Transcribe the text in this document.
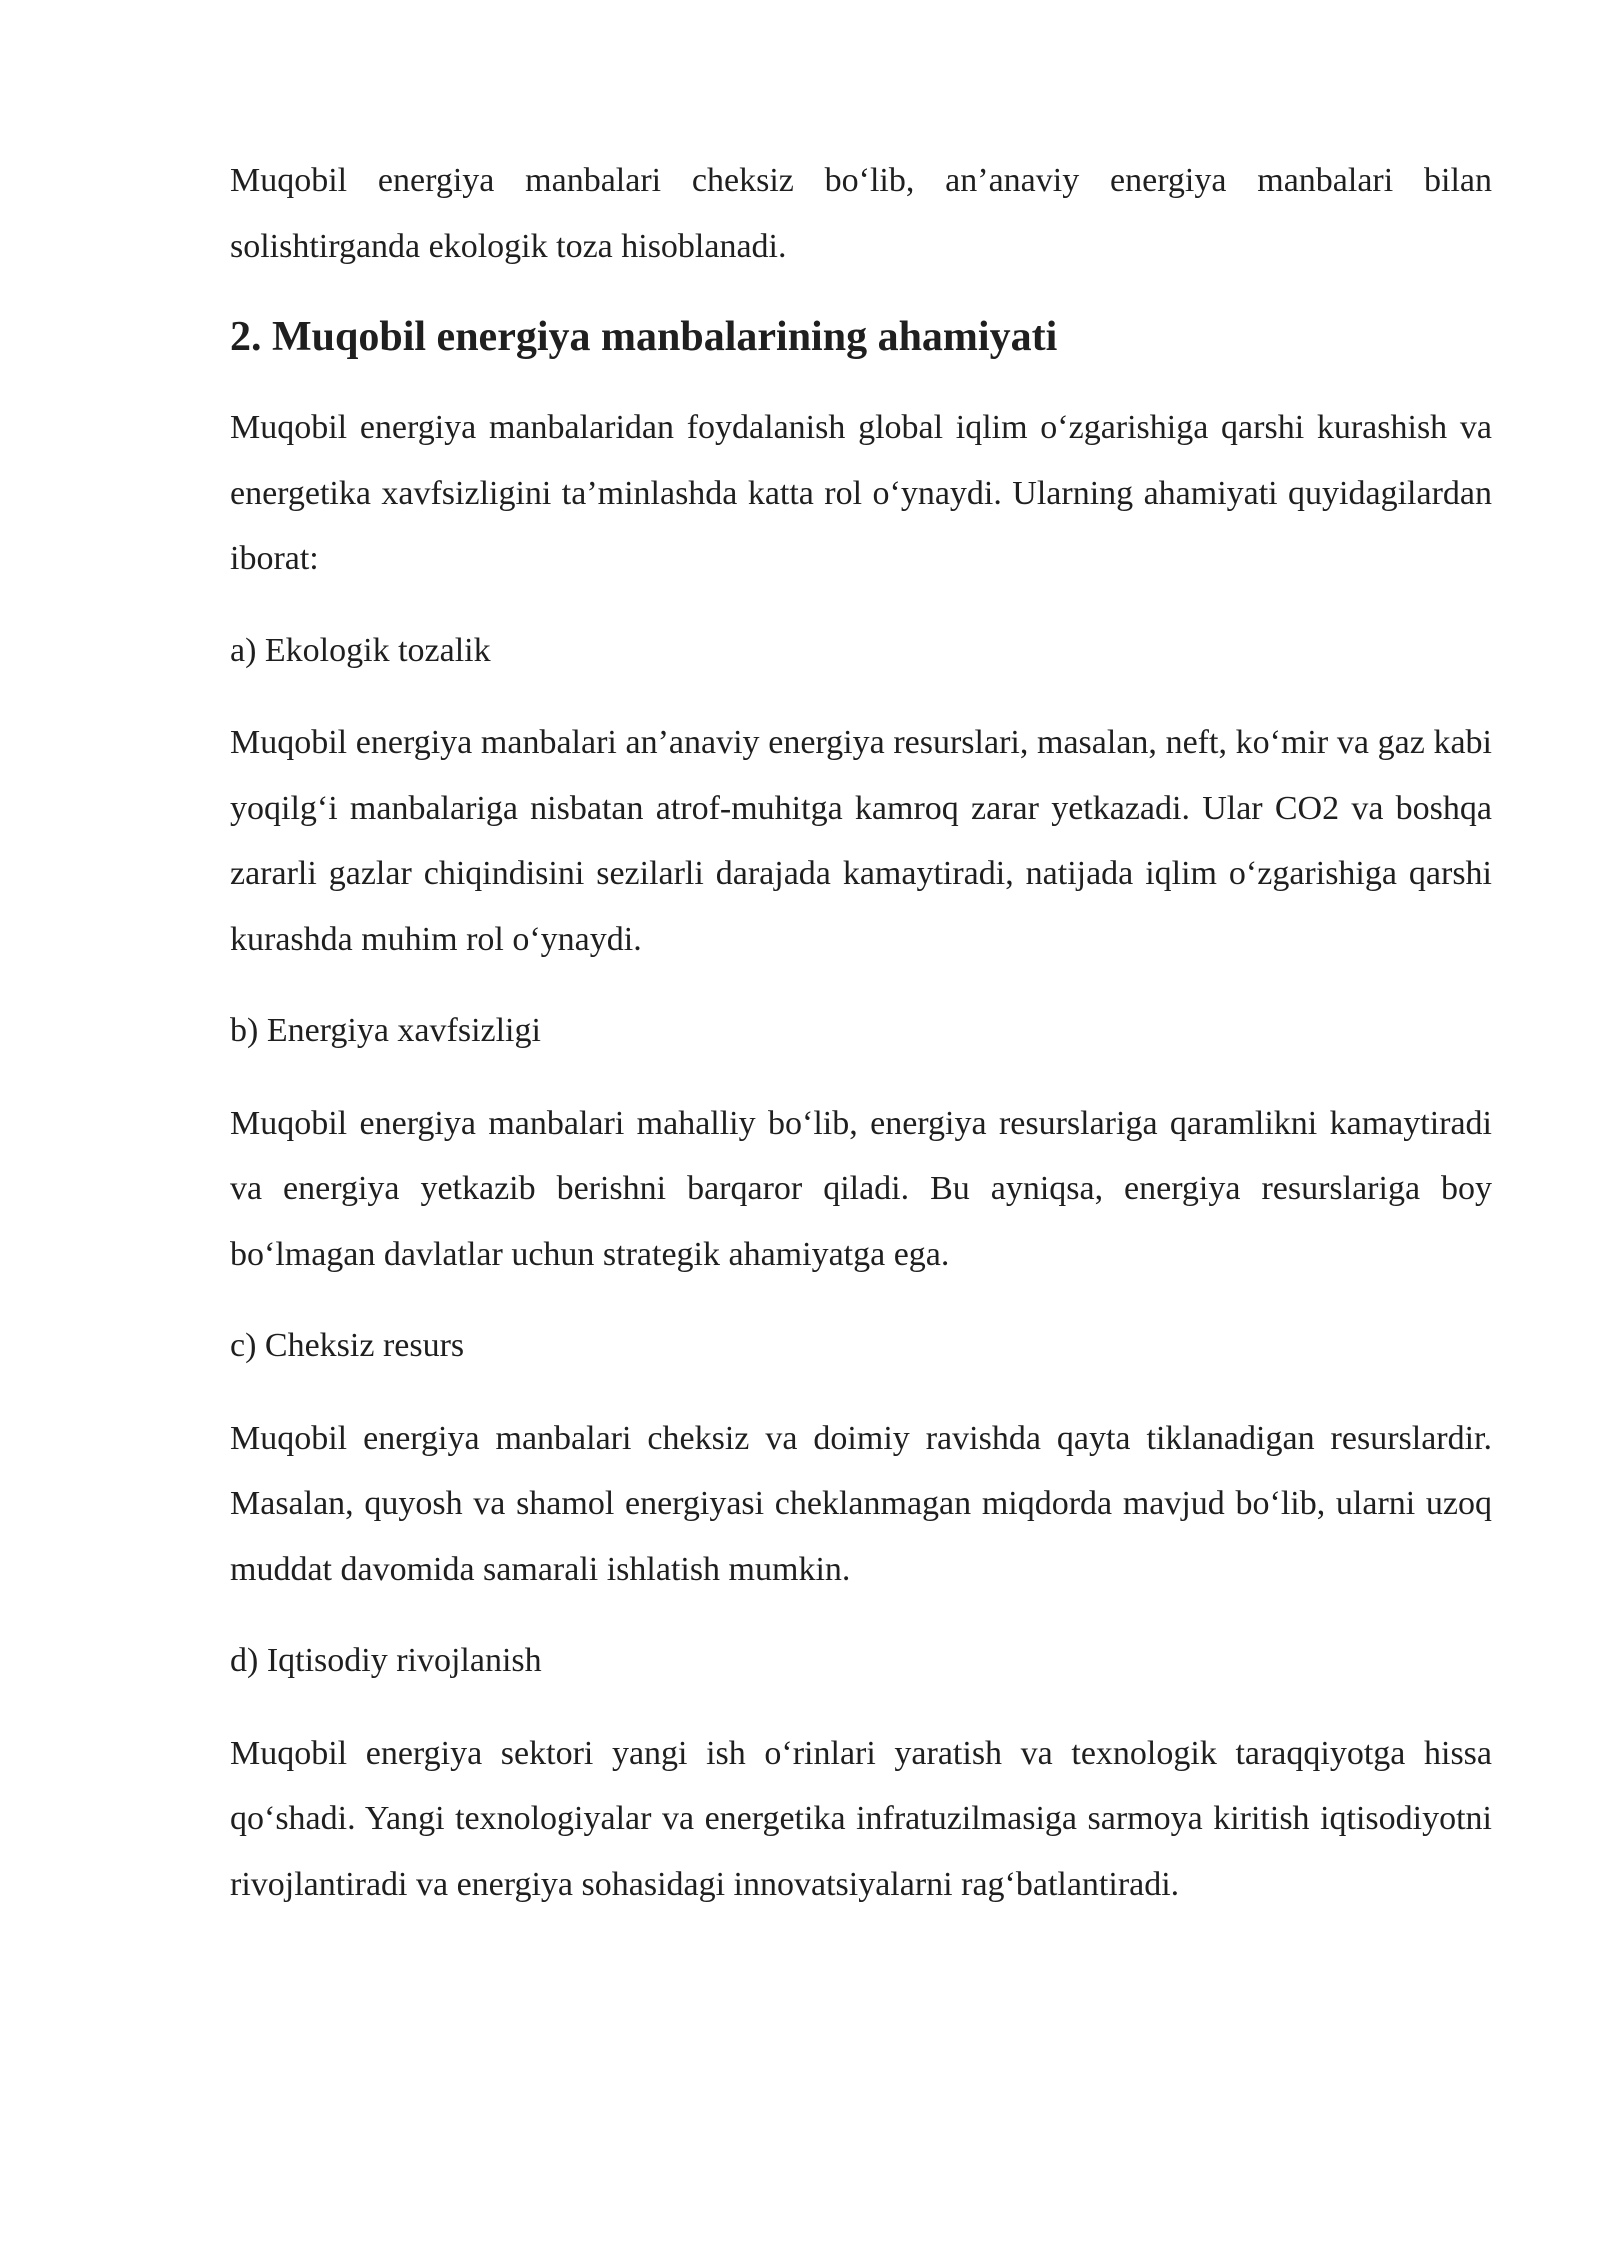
Muqobil energiya manbalari cheksiz bo‘lib, an’anaviy energiya manbalari bilan solishtirganda ekologik toza hisoblanadi.

2. Muqobil energiya manbalarining ahamiyati

Muqobil energiya manbalaridan foydalanish global iqlim o‘zgarishiga qarshi kurashish va energetika xavfsizligini ta’minlashda katta rol o‘ynaydi. Ularning ahamiyati quyidagilardan iborat:

a) Ekologik tozalik

Muqobil energiya manbalari an’anaviy energiya resurslari, masalan, neft, ko‘mir va gaz kabi yoqilg‘i manbalariga nisbatan atrof-muhitga kamroq zarar yetkazadi. Ular CO2 va boshqa zararli gazlar chiqindisini sezilarli darajada kamaytiradi, natijada iqlim o‘zgarishiga qarshi kurashda muhim rol o‘ynaydi.

b) Energiya xavfsizligi

Muqobil energiya manbalari mahalliy bo‘lib, energiya resurslariga qaramlikni kamaytiradi va energiya yetkazib berishni barqaror qiladi. Bu ayniqsa, energiya resurslariga boy bo‘lmagan davlatlar uchun strategik ahamiyatga ega.

c) Cheksiz resurs

Muqobil energiya manbalari cheksiz va doimiy ravishda qayta tiklanadigan resurslardir. Masalan, quyosh va shamol energiyasi cheklanmagan miqdorda mavjud bo‘lib, ularni uzoq muddat davomida samarali ishlatish mumkin.

d) Iqtisodiy rivojlanish

Muqobil energiya sektori yangi ish o‘rinlari yaratish va texnologik taraqqiyotga hissa qo‘shadi. Yangi texnologiyalar va energetika infratuzilmasiga sarmoya kiritish iqtisodiyotni rivojlantiradi va energiya sohasidagi innovatsiyalarni rag‘batlantiradi.
